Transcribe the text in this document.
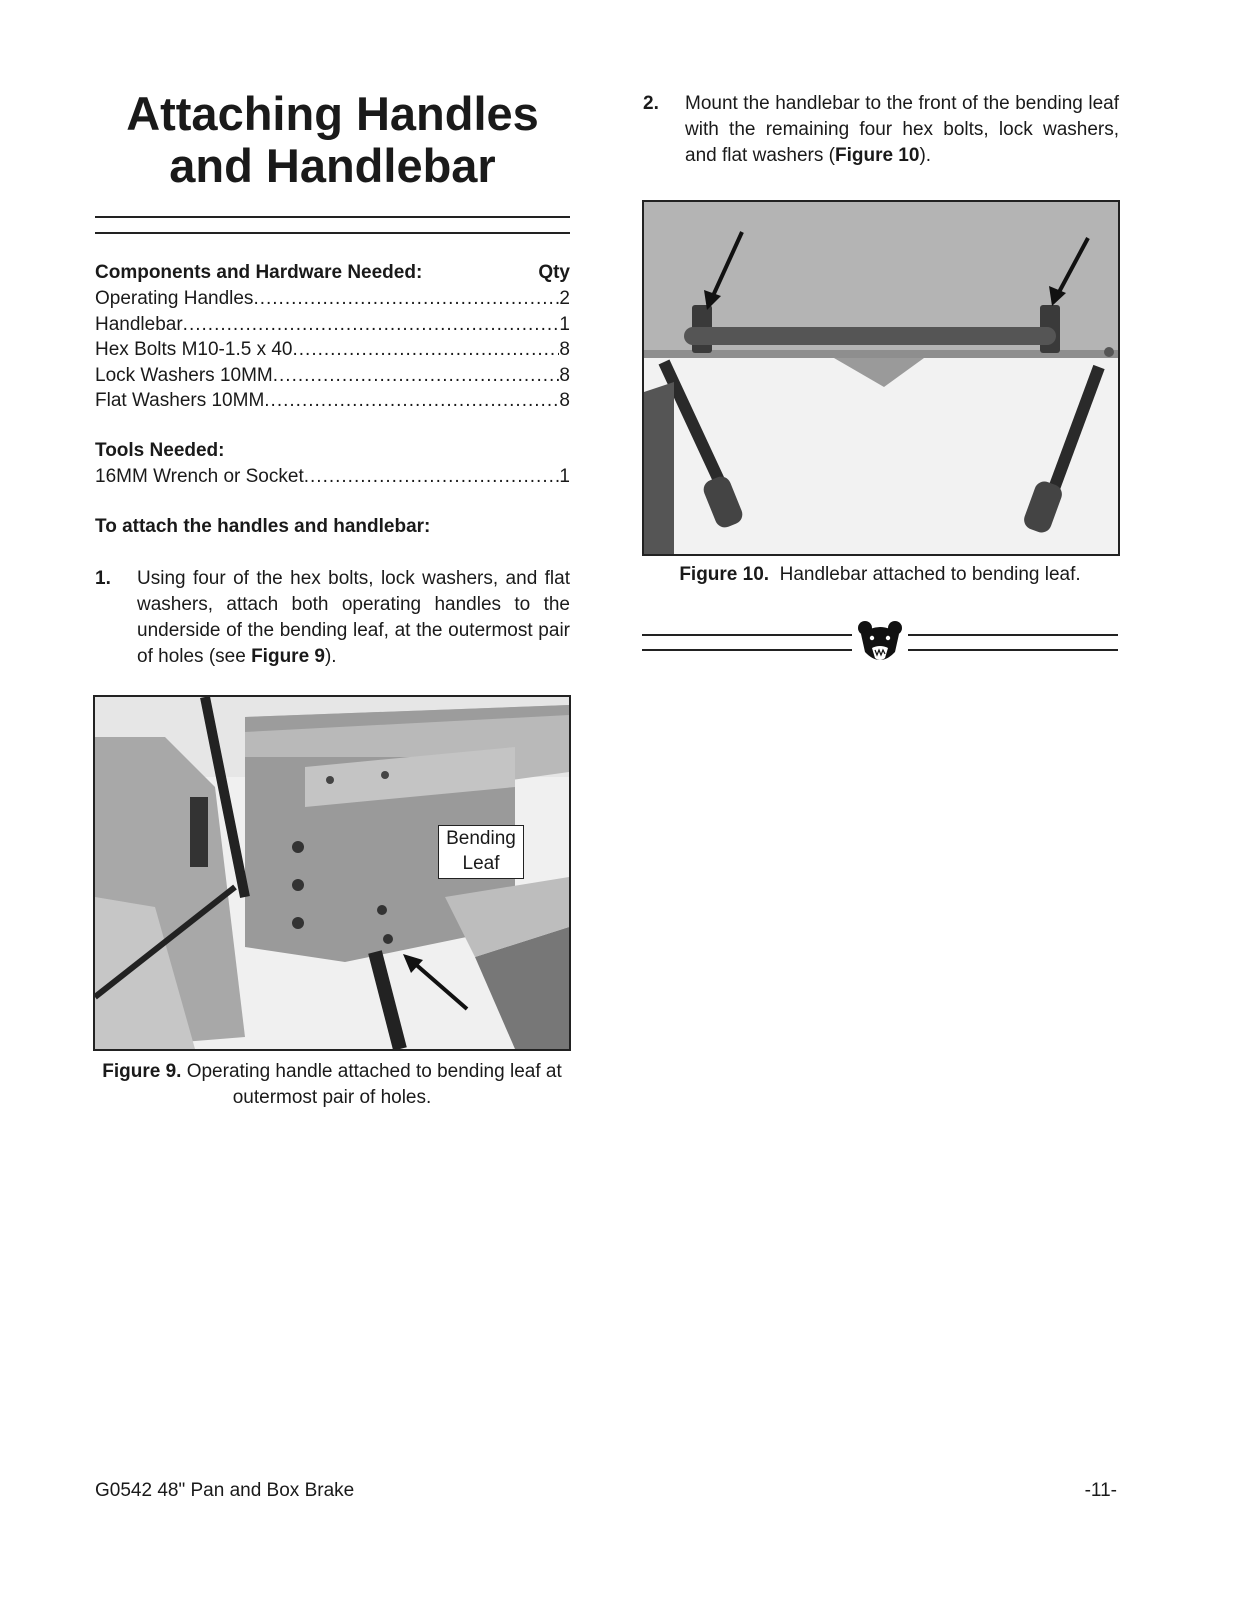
Attaching Handles
and Handlebar
Components and Hardware Needed:	Qty
Operating Handles .....	2
Handlebar .....	1
Hex Bolts M10-1.5 x 40 .....	8
Lock Washers 10MM .....	8
Flat Washers 10MM .....	8
Tools Needed:
16MM Wrench or Socket .....	1
To attach the handles and handlebar:
1.	Using four of the hex bolts, lock washers, and flat washers, attach both operating handles to the underside of the bending leaf, at the outermost pair of holes (see Figure 9).
Bending
Leaf
Figure 9. Operating handle attached to bending leaf at outermost pair of holes.
2.	Mount the handlebar to the front of the bending leaf with the remaining four hex bolts, lock washers, and flat washers (Figure 10).
Figure 10.  Handlebar attached to bending leaf.
G0542 48" Pan and Box Brake	-11-
